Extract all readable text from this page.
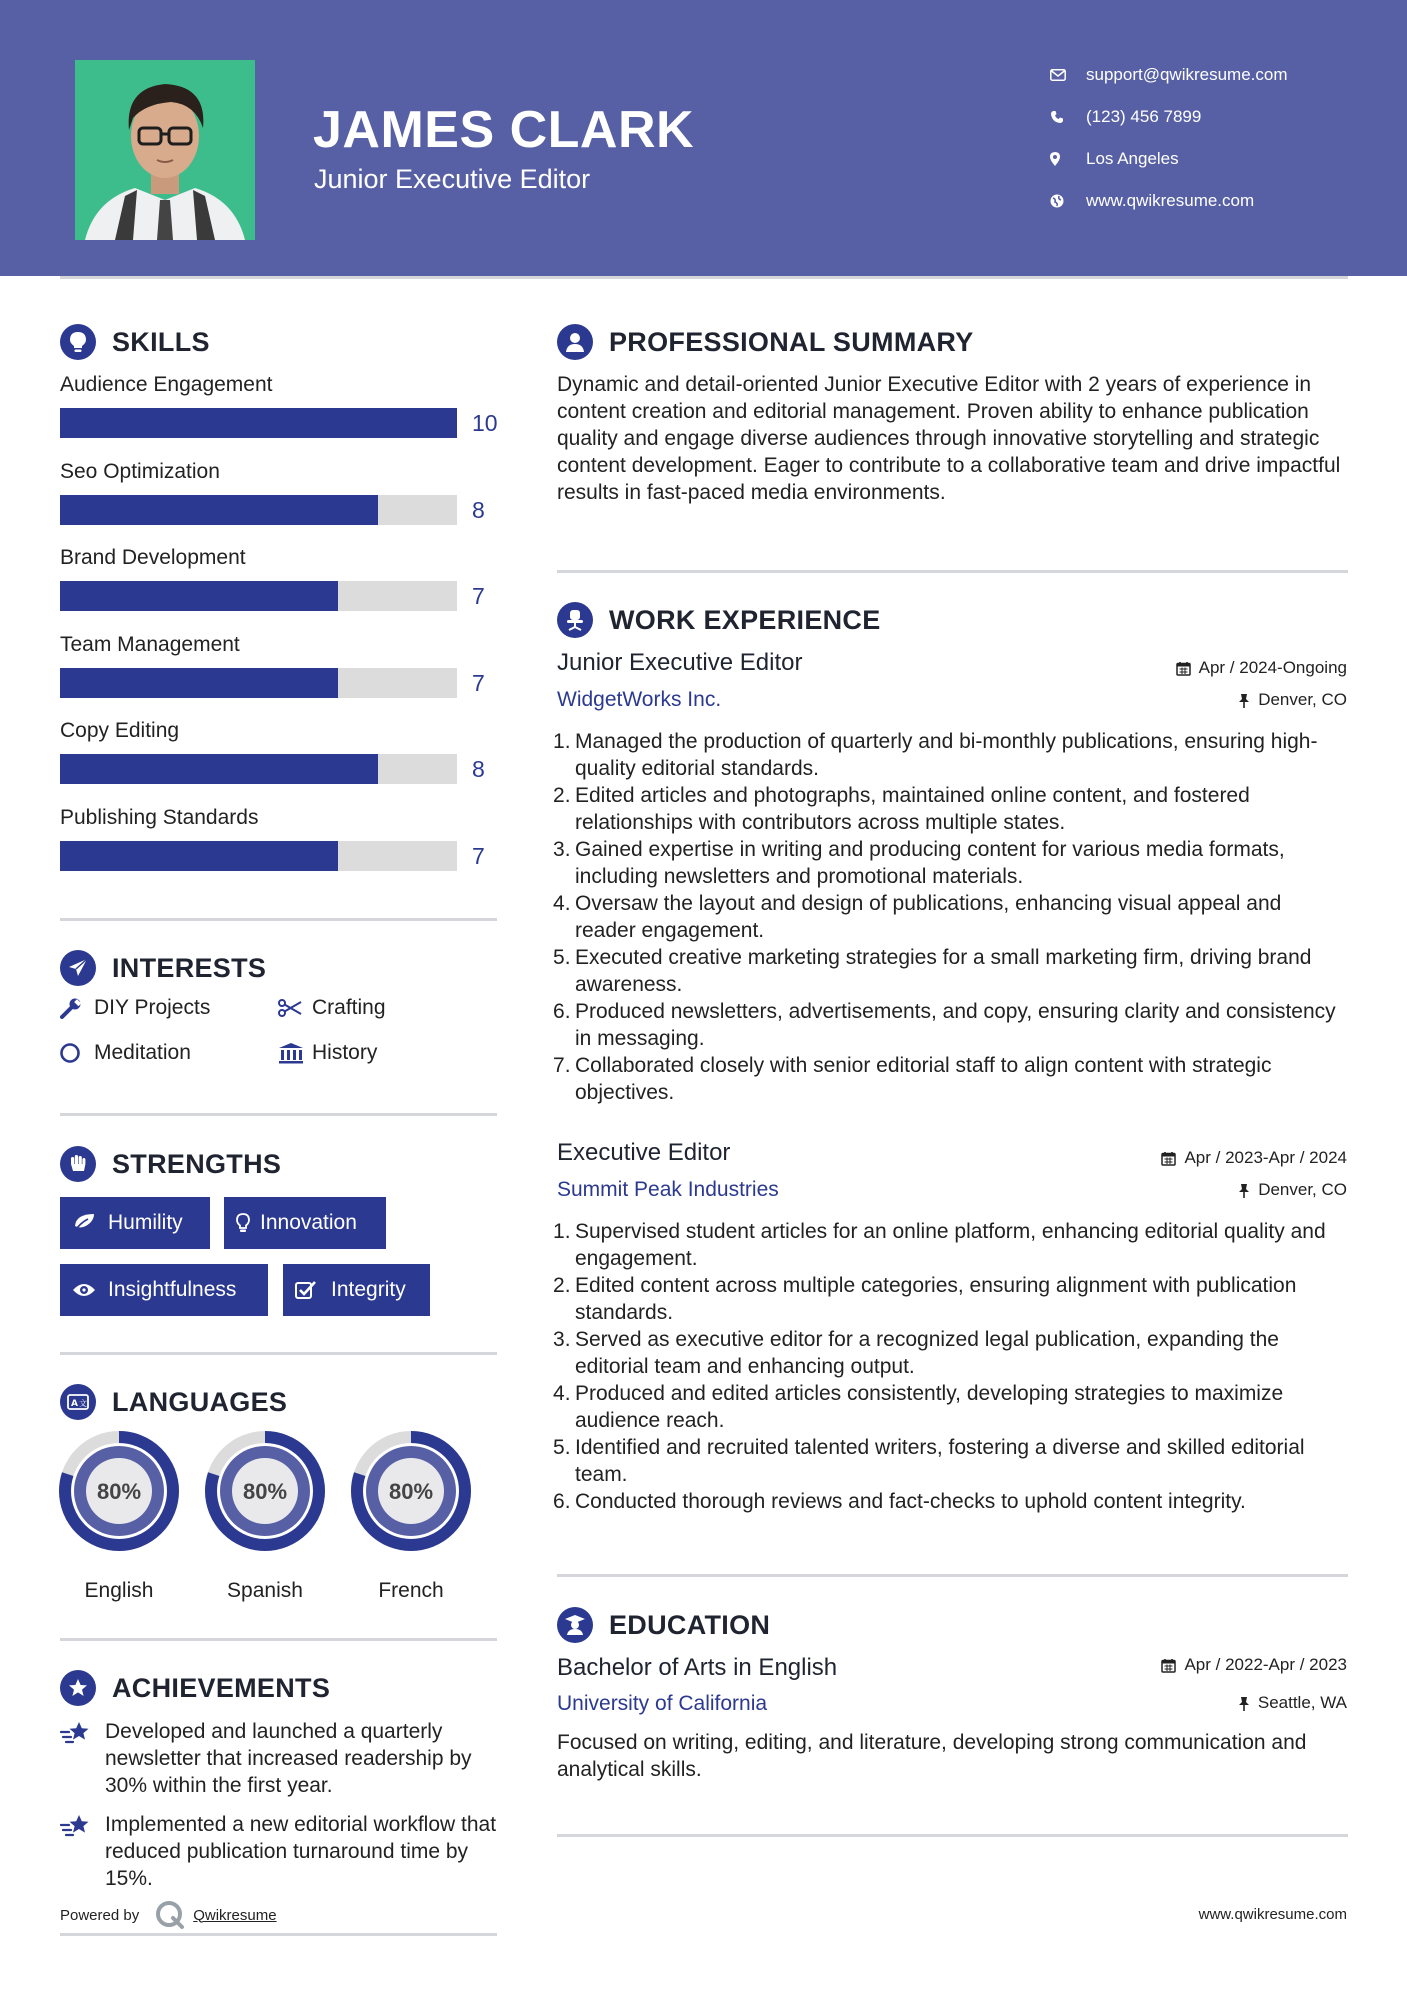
JAMES CLARK
Junior Executive Editor
support@qwikresume.com
(123) 456 7899
Los Angeles
www.qwikresume.com
SKILLS
Audience Engagement
10
Seo Optimization
8
Brand Development
7
Team Management
7
Copy Editing
8
Publishing Standards
7
INTERESTS
DIY Projects	Crafting
Meditation	History
STRENGTHS
Humility	Innovation
Insightfulness	Integrity
A 文 LANGUAGES
80%
English
80%
Spanish
80%
French
ACHIEVEMENTS
Developed and launched a quarterly newsletter that increased readership by 30% within the first year.
Implemented a new editorial workflow that reduced publication turnaround time by 15%.
Powered by	Qwikresume
PROFESSIONAL SUMMARY
Dynamic and detail-oriented Junior Executive Editor with 2 years of experience in content creation and editorial management. Proven ability to enhance publication quality and engage diverse audiences through innovative storytelling and strategic content development. Eager to contribute to a collaborative team and drive impactful results in fast-paced media environments.
WORK EXPERIENCE
Junior Executive Editor	Apr / 2024-Ongoing
WidgetWorks Inc.	Denver, CO
Managed the production of quarterly and bi-monthly publications, ensuring high-quality editorial standards.
Edited articles and photographs, maintained online content, and fostered relationships with contributors across multiple states.
Gained expertise in writing and producing content for various media formats, including newsletters and promotional materials.
Oversaw the layout and design of publications, enhancing visual appeal and reader engagement.
Executed creative marketing strategies for a small marketing firm, driving brand awareness.
Produced newsletters, advertisements, and copy, ensuring clarity and consistency in messaging.
Collaborated closely with senior editorial staff to align content with strategic objectives.
Executive Editor	Apr / 2023-Apr / 2024
Summit Peak Industries	Denver, CO
Supervised student articles for an online platform, enhancing editorial quality and engagement.
Edited content across multiple categories, ensuring alignment with publication standards.
Served as executive editor for a recognized legal publication, expanding the editorial team and enhancing output.
Produced and edited articles consistently, developing strategies to maximize audience reach.
Identified and recruited talented writers, fostering a diverse and skilled editorial team.
Conducted thorough reviews and fact-checks to uphold content integrity.
EDUCATION
Bachelor of Arts in English	Apr / 2022-Apr / 2023
University of California	Seattle, WA
Focused on writing, editing, and literature, developing strong communication and analytical skills.
www.qwikresume.com
